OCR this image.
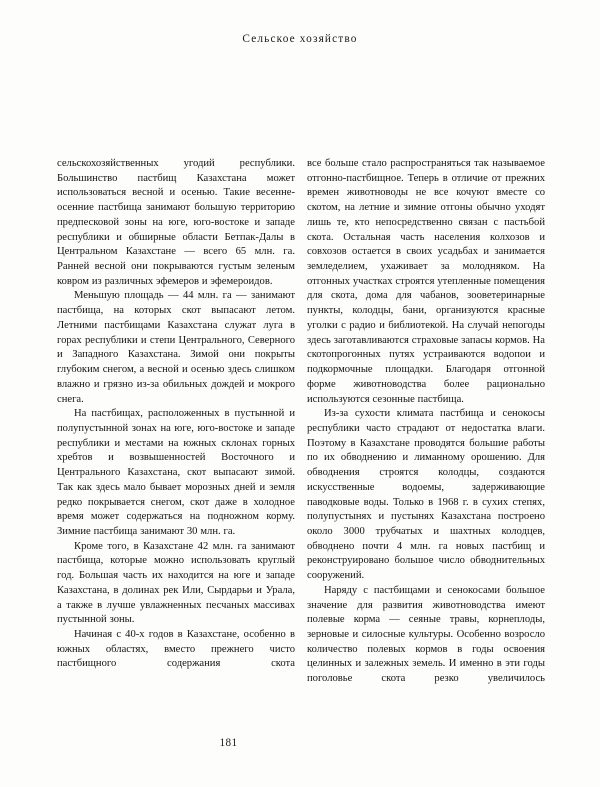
Сельское хозяйство

сельскохозяйственных угодий республики. Большинство пастбищ Казахстана может использоваться весной и осенью. Такие весенне-осенние пастбища занимают большую территорию предпесковой зоны на юге, юго-востоке и западе республики и обширные области Бетпак-Далы в Центральном Казахстане — всего 65 млн. га. Ранней весной они покрываются густым зеленым ковром из различных эфемеров и эфемероидов.

Меньшую площадь — 44 млн. га — занимают пастбища, на которых скот выпасают летом. Летними пастбищами Казахстана служат луга в горах республики и степи Центрального, Северного и Западного Казахстана. Зимой они покрыты глубоким снегом, а весной и осенью здесь слишком влажно и грязно из-за обильных дождей и мокрого снега.

На пастбищах, расположенных в пустынной и полупустынной зонах на юге, юго-востоке и западе республики и местами на южных склонах горных хребтов и возвышенностей Восточного и Центрального Казахстана, скот выпасают зимой. Так как здесь мало бывает морозных дней и земля редко покрывается снегом, скот даже в холодное время может содержаться на подножном корму. Зимние пастбища занимают 30 млн. га.

Кроме того, в Казахстане 42 млн. га занимают пастбища, которые можно использовать круглый год. Большая часть их находится на юге и западе Казахстана, в долинах рек Или, Сырдарьи и Урала, а также в лучше увлажненных песчаных массивах пустынной зоны.

Начиная с 40-х годов в Казахстане, особенно в южных областях, вместо прежнего чисто пастбищного содержания скота

все больше стало распространяться так называемое отгонно-пастбищное. Теперь в отличие от прежних времен животноводы не все кочуют вместе со скотом, на летние и зимние отгоны обычно уходят лишь те, кто непосредственно связан с пастьбой скота. Остальная часть населения колхозов и совхозов остается в своих усадьбах и занимается земледелием, ухаживает за молодняком. На отгонных участках строятся утепленные помещения для скота, дома для чабанов, зооветеринарные пункты, колодцы, бани, организуются красные уголки с радио и библиотекой. На случай непогоды здесь заготавливаются страховые запасы кормов. На скотопрогонных путях устраиваются водопои и подкормочные площадки. Благодаря отгонной форме животноводства более рационально используются сезонные пастбища.

Из-за сухости климата пастбища и сенокосы республики часто страдают от недостатка влаги. Поэтому в Казахстане проводятся большие работы по их обводнению и лиманному орошению. Для обводнения строятся колодцы, создаются искусственные водоемы, задерживающие паводковые воды. Только в 1968 г. в сухих степях, полупустынях и пустынях Казахстана построено около 3000 трубчатых и шахтных колодцев, обводнено почти 4 млн. га новых пастбищ и реконструировано большое число обводнительных сооружений.

Наряду с пастбищами и сенокосами большое значение для развития животноводства имеют полевые корма — сеяные травы, корнеплоды, зерновые и силосные культуры. Особенно возросло количество полевых кормов в годы освоения целинных и залежных земель. И именно в эти годы поголовье скота резко увеличилось

181
